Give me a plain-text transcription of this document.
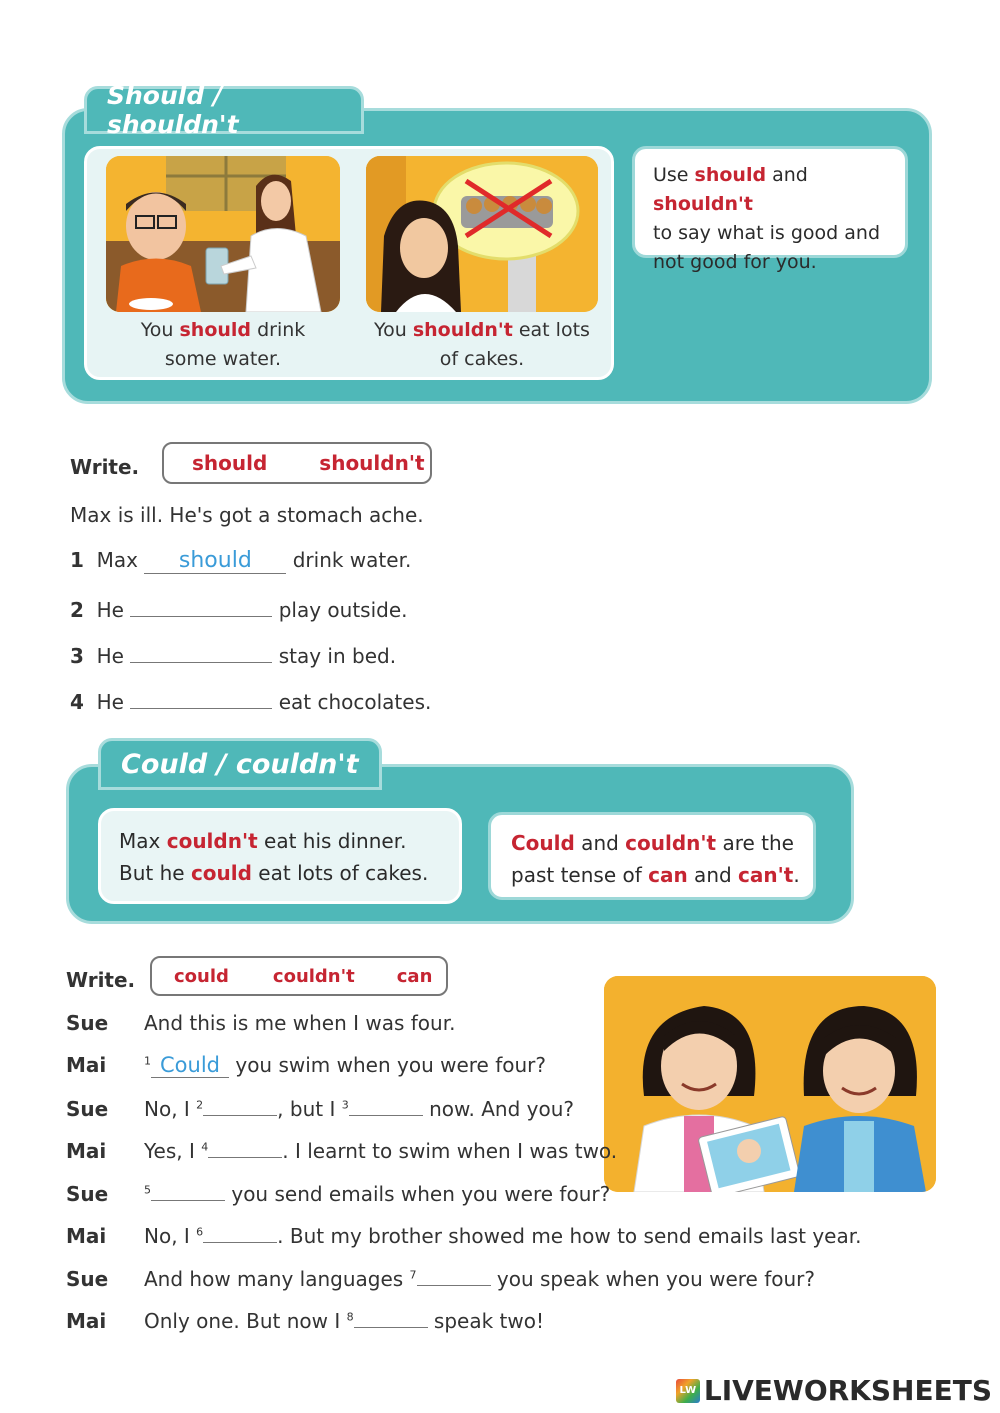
Should / shouldn't
You should drink
some water.
You shouldn't eat lots
of cakes.
Use should and shouldn't
to say what is good and
not good for you.
Write.	should	shouldn't
Max is ill. He's got a stomach ache.
1 Max should drink water.
2 He	play outside.
3 He	stay in bed.
4 He	eat chocolates.
Could / couldn't
Max couldn't eat his dinner.
But he could eat lots of cakes.
Could and couldn't are the
past tense of can and can't.
Write. could couldn't can
Sue And this is me when I was four.
Mai	$^1$ Could you swim when you were four?
Sue No, I $^2$	, but I $^3$	now. And you?
Mai Yes, I $^4$	. I learnt to swim when I was two.
Sue	$^5$	you send emails when you were four?
Mai No, I $^6$	. But my brother showed me how to send emails last year.
Sue And how many languages $^7$	you speak when you were four?
Mai Only one. But now I $^8$	speak two!
LW LIVEWORKSHEETS
